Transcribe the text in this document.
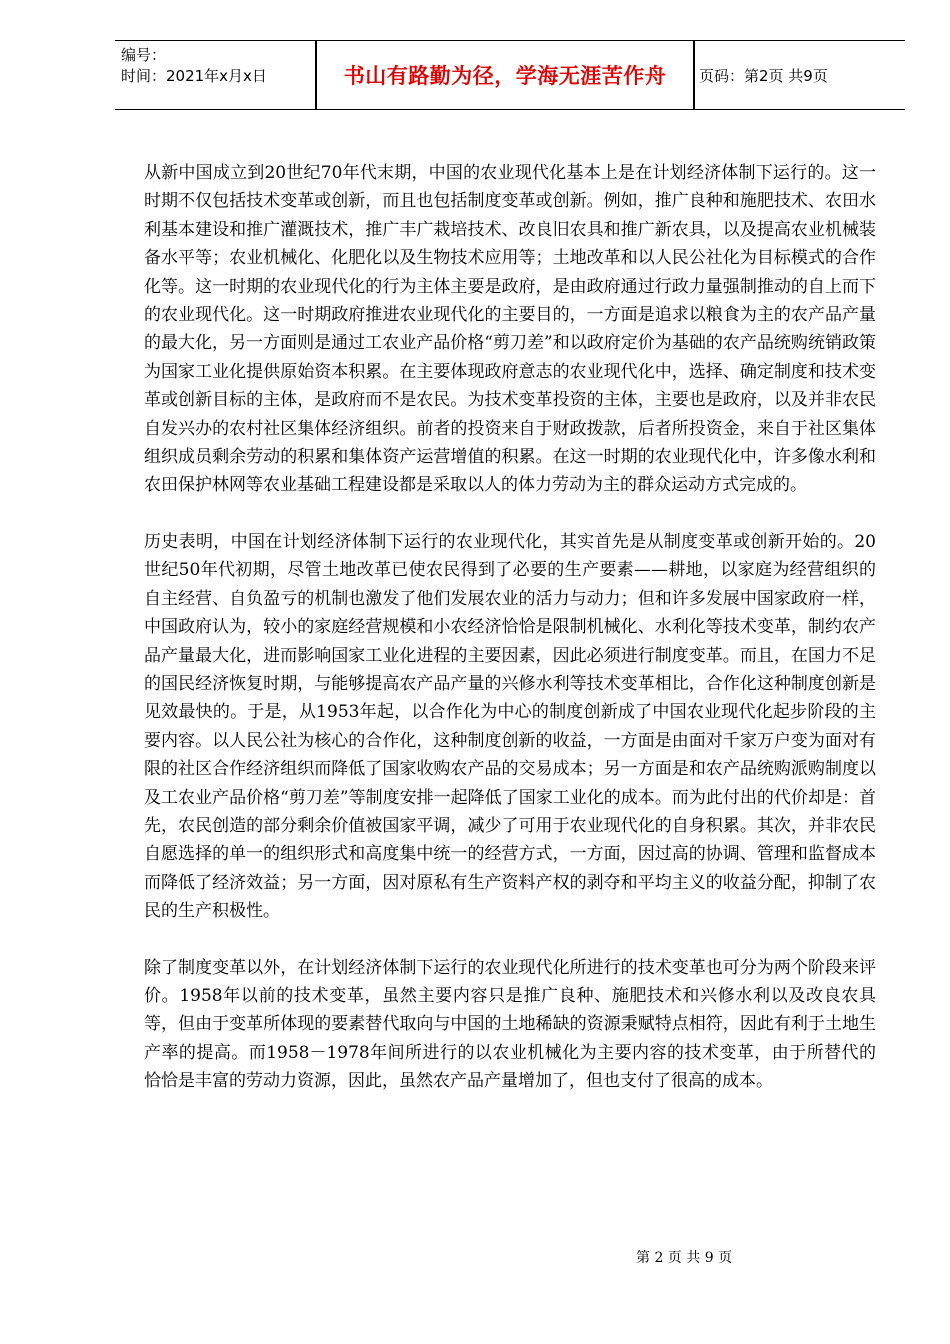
编号：
时间：2021年x月x日	书山有路勤为径，学海无涯苦作舟	页码：第2页 共9页

从新中国成立到20世纪70年代末期，中国的农业现代化基本上是在计划经济体制下运行的。这一时期不仅包括技术变革或创新，而且也包括制度变革或创新。例如，推广良种和施肥技术、农田水利基本建设和推广灌溉技术，推广丰广栽培技术、改良旧农具和推广新农具，以及提高农业机械装备水平等；农业机械化、化肥化以及生物技术应用等；土地改革和以人民公社化为目标模式的合作化等。这一时期的农业现代化的行为主体主要是政府，是由政府通过行政力量强制推动的自上而下的农业现代化。这一时期政府推进农业现代化的主要目的，一方面是追求以粮食为主的农产品产量的最大化，另一方面则是通过工农业产品价格“剪刀差”和以政府定价为基础的农产品统购统销政策为国家工业化提供原始资本积累。在主要体现政府意志的农业现代化中，选择、确定制度和技术变革或创新目标的主体，是政府而不是农民。为技术变革投资的主体，主要也是政府，以及并非农民自发兴办的农村社区集体经济组织。前者的投资来自于财政拨款，后者所投资金，来自于社区集体组织成员剩余劳动的积累和集体资产运营增值的积累。在这一时期的农业现代化中，许多像水利和农田保护林网等农业基础工程建设都是采取以人的体力劳动为主的群众运动方式完成的。

历史表明，中国在计划经济体制下运行的农业现代化，其实首先是从制度变革或创新开始的。20世纪50年代初期，尽管土地改革已使农民得到了必要的生产要素——耕地，以家庭为经营组织的自主经营、自负盈亏的机制也激发了他们发展农业的活力与动力；但和许多发展中国家政府一样，中国政府认为，较小的家庭经营规模和小农经济恰恰是限制机械化、水利化等技术变革，制约农产品产量最大化，进而影响国家工业化进程的主要因素，因此必须进行制度变革。而且，在国力不足的国民经济恢复时期，与能够提高农产品产量的兴修水利等技术变革相比，合作化这种制度创新是见效最快的。于是，从1953年起，以合作化为中心的制度创新成了中国农业现代化起步阶段的主要内容。以人民公社为核心的合作化，这种制度创新的收益，一方面是由面对千家万户变为面对有限的社区合作经济组织而降低了国家收购农产品的交易成本；另一方面是和农产品统购派购制度以及工农业产品价格“剪刀差”等制度安排一起降低了国家工业化的成本。而为此付出的代价却是：首先，农民创造的部分剩余价值被国家平调，减少了可用于农业现代化的自身积累。其次，并非农民自愿选择的单一的组织形式和高度集中统一的经营方式，一方面，因过高的协调、管理和监督成本而降低了经济效益；另一方面，因对原私有生产资料产权的剥夺和平均主义的收益分配，抑制了农民的生产积极性。

除了制度变革以外，在计划经济体制下运行的农业现代化所进行的技术变革也可分为两个阶段来评价。1958年以前的技术变革，虽然主要内容只是推广良种、施肥技术和兴修水利以及改良农具等，但由于变革所体现的要素替代取向与中国的土地稀缺的资源秉赋特点相符，因此有利于土地生产率的提高。而1958－1978年间所进行的以农业机械化为主要内容的技术变革，由于所替代的恰恰是丰富的劳动力资源，因此，虽然农产品产量增加了，但也支付了很高的成本。

第 2 页 共 9 页
